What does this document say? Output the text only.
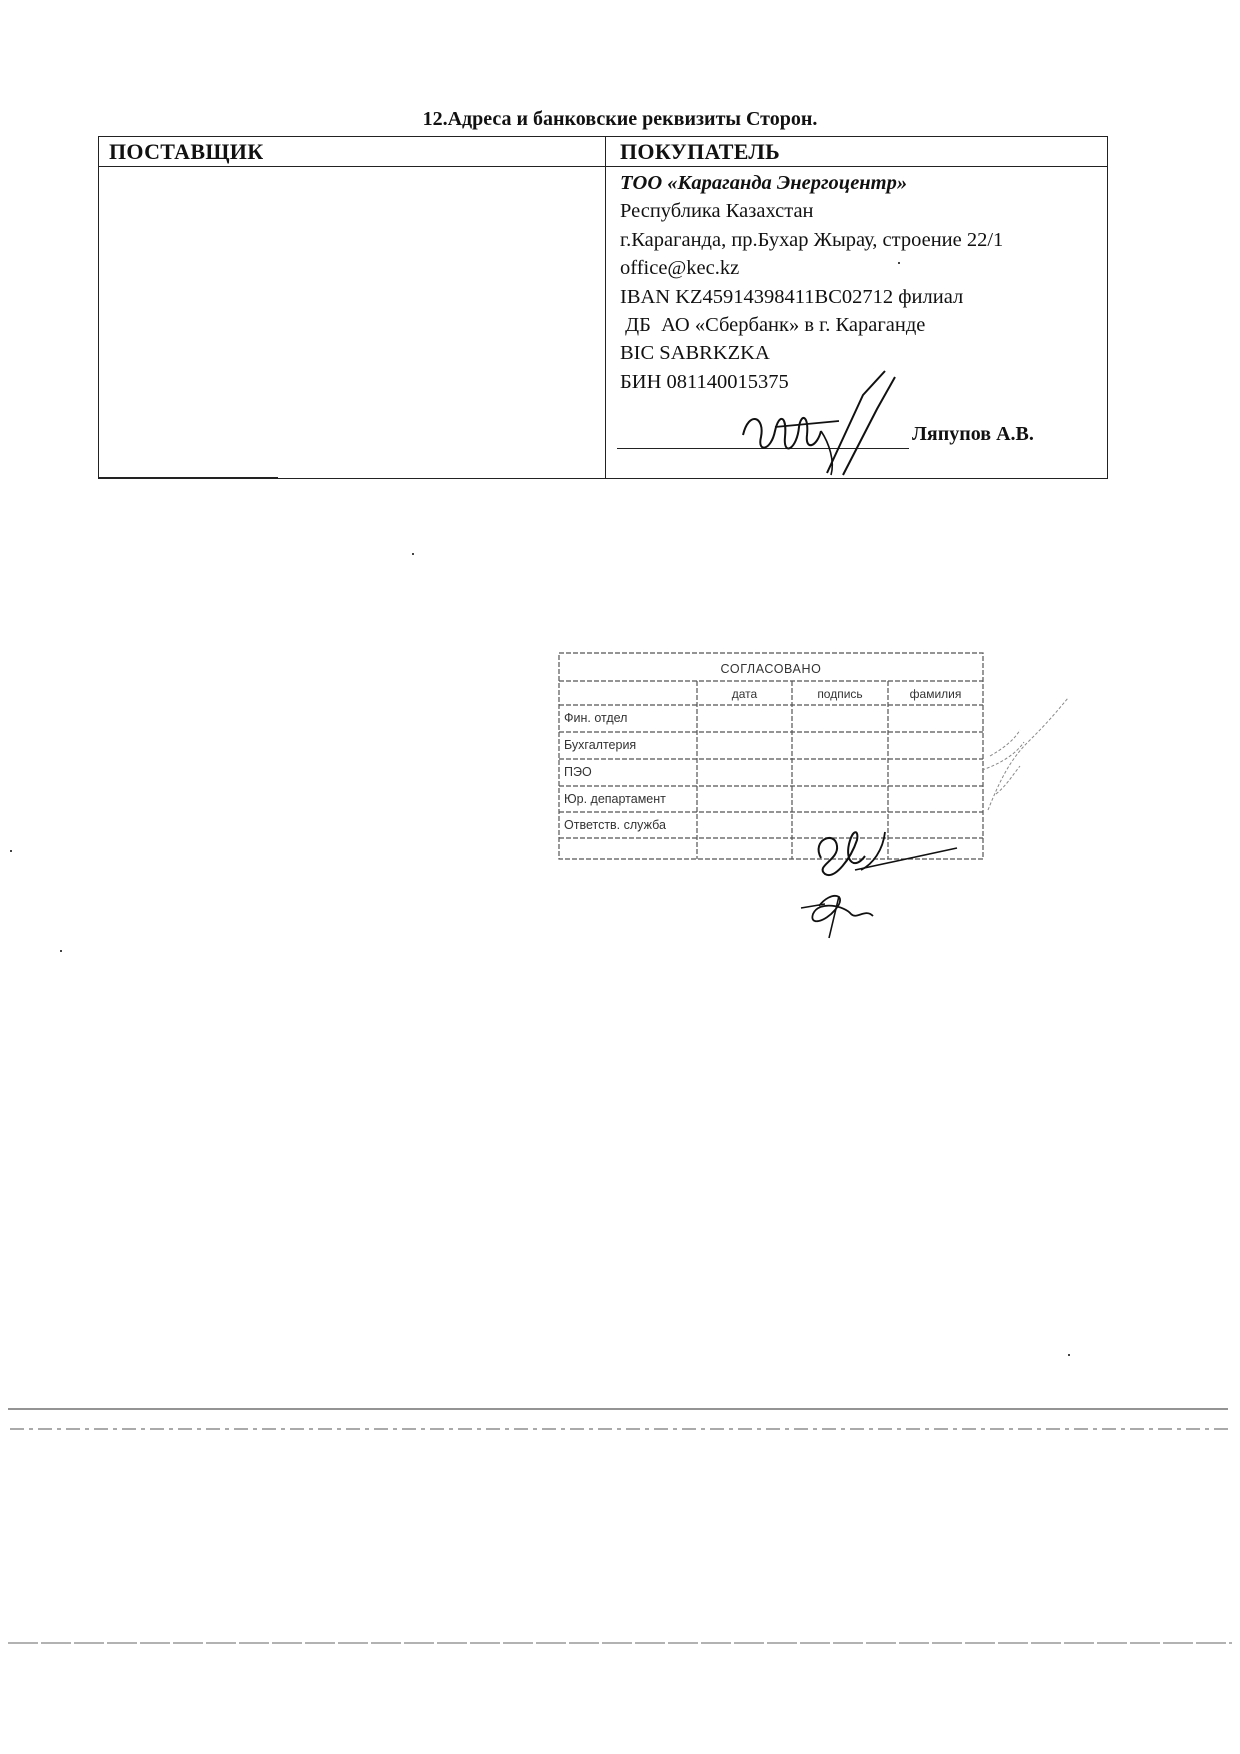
12.Адреса и банковские реквизиты Сторон.
ПОСТАВЩИК	ПОКУПАТЕЛЬ
ТОО «Караганда Энергоцентр»
Республика Казахстан
г.Караганда, пр.Бухар Жырау, строение 22/1
office@kec.kz
IBAN KZ45914398411BC02712 филиал
ДБ  АО «Сбербанк» в г. Караганде
BIC SABRKZKA
БИН 081140015375
Ляпупов А.В.
СОГЛАСОВАНО
дата	подпись	фамилия
Фин. отдел
Бухгалтерия
ПЭО
Юр. департамент
Ответств. служба
